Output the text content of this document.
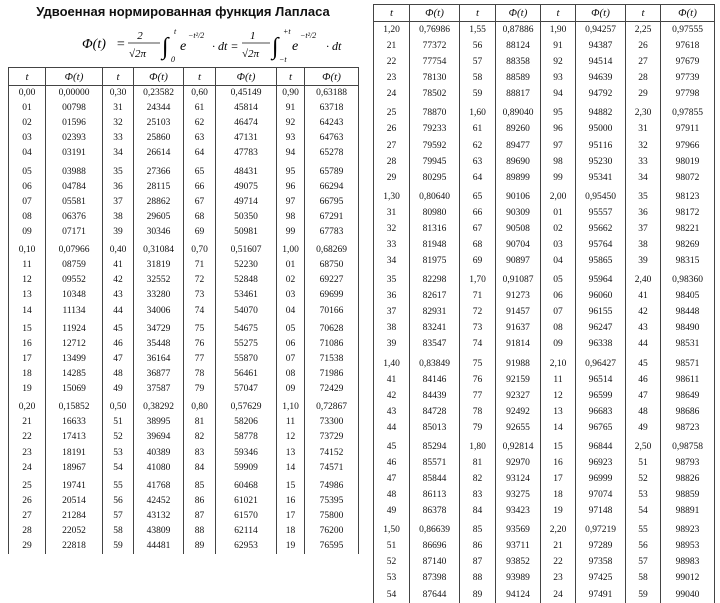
Удвоенная нормированная функция Лапласа
Φ(t) =
2
√2π ∫
t
0
e
−t²/2
· dt =
1
√2π ∫
+t
−t
e
−t²/2
· dt
t	Φ(t)	t	Φ(t)	t	Φ(t)	t	Φ(t)
0,00	0,00000	0,30	0,23582	0,60	0,45149	0,90	0,63188
01	00798	31	24344	61	45814	91	63718
02	01596	32	25103	62	46474	92	64243
03	02393	33	25860	63	47131	93	64763
04	03191	34	26614	64	47783	94	65278
05	03988	35	27366	65	48431	95	65789
06	04784	36	28115	66	49075	96	66294
07	05581	37	28862	67	49714	97	66795
08	06376	38	29605	68	50350	98	67291
09	07171	39	30346	69	50981	99	67783
0,10	0,07966	0,40	0,31084	0,70	0,51607	1,00	0,68269
11	08759	41	31819	71	52230	01	68750
12	09552	42	32552	72	52848	02	69227
13	10348	43	33280	73	53461	03	69699
14	11134	44	34006	74	54070	04	70166
15	11924	45	34729	75	54675	05	70628
16	12712	46	35448	76	55275	06	71086
17	13499	47	36164	77	55870	07	71538
18	14285	48	36877	78	56461	08	71986
19	15069	49	37587	79	57047	09	72429
0,20	0,15852	0,50	0,38292	0,80	0,57629	1,10	0,72867
21	16633	51	38995	81	58206	11	73300
22	17413	52	39694	82	58778	12	73729
23	18191	53	40389	83	59346	13	74152
24	18967	54	41080	84	59909	14	74571
25	19741	55	41768	85	60468	15	74986
26	20514	56	42452	86	61021	16	75395
27	21284	57	43132	87	61570	17	75800
28	22052	58	43809	88	62114	18	76200
29	22818	59	44481	89	62953	19	76595
t	Φ(t)	t	Φ(t)	t	Φ(t)	t	Φ(t)
1,20	0,76986	1,55	0,87886	1,90	0,94257	2,25	0,97555
21	77372	56	88124	91	94387	26	97618
22	77754	57	88358	92	94514	27	97679
23	78130	58	88589	93	94639	28	97739
24	78502	59	88817	94	94792	29	97798
25	78870	1,60	0,89040	95	94882	2,30	0,97855
26	79233	61	89260	96	95000	31	97911
27	79592	62	89477	97	95116	32	97966
28	79945	63	89690	98	95230	33	98019
29	80295	64	89899	99	95341	34	98072
1,30	0,80640	65	90106	2,00	0,95450	35	98123
31	80980	66	90309	01	95557	36	98172
32	81316	67	90508	02	95662	37	98221
33	81948	68	90704	03	95764	38	98269
34	81975	69	90897	04	95865	39	98315
35	82298	1,70	0,91087	05	95964	2,40	0,98360
36	82617	71	91273	06	96060	41	98405
37	82931	72	91457	07	96155	42	98448
38	83241	73	91637	08	96247	43	98490
39	83547	74	91814	09	96338	44	98531
1,40	0,83849	75	91988	2,10	0,96427	45	98571
41	84146	76	92159	11	96514	46	98611
42	84439	77	92327	12	96599	47	98649
43	84728	78	92492	13	96683	48	98686
44	85013	79	92655	14	96765	49	98723
45	85294	1,80	0,92814	15	96844	2,50	0,98758
46	85571	81	92970	16	96923	51	98793
47	85844	82	93124	17	96999	52	98826
48	86113	83	93275	18	97074	53	98859
49	86378	84	93423	19	97148	54	98891
1,50	0,86639	85	93569	2,20	0,97219	55	98923
51	86696	86	93711	21	97289	56	98953
52	87140	87	93852	22	97358	57	98983
53	87398	88	93989	23	97425	58	99012
54	87644	89	94124	24	97491	59	99040
